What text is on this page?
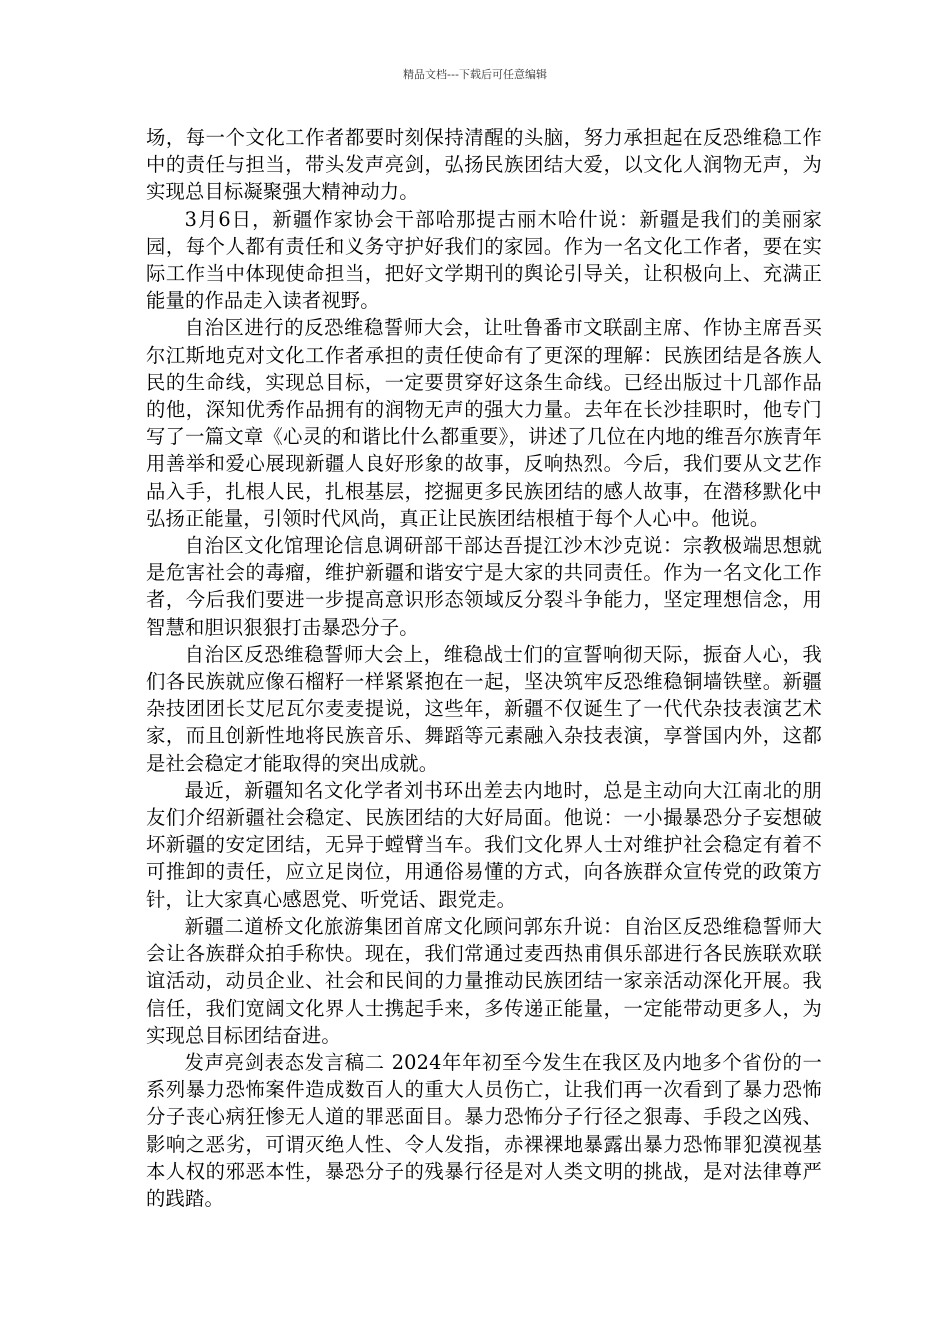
精品文档---下载后可任意编辑

场，每一个文化工作者都要时刻保持清醒的头脑，努力承担起在反恐维稳工作中的责任与担当，带头发声亮剑，弘扬民族团结大爱，以文化人润物无声，为实现总目标凝聚强大精神动力。

3月6日，新疆作家协会干部哈那提古丽木哈什说：新疆是我们的美丽家园，每个人都有责任和义务守护好我们的家园。作为一名文化工作者，要在实际工作当中体现使命担当，把好文学期刊的舆论引导关，让积极向上、充满正能量的作品走入读者视野。

自治区进行的反恐维稳誓师大会，让吐鲁番市文联副主席、作协主席吾买尔江斯地克对文化工作者承担的责任使命有了更深的理解：民族团结是各族人民的生命线，实现总目标，一定要贯穿好这条生命线。已经出版过十几部作品的他，深知优秀作品拥有的润物无声的强大力量。去年在长沙挂职时，他专门写了一篇文章《心灵的和谐比什么都重要》，讲述了几位在内地的维吾尔族青年用善举和爱心展现新疆人良好形象的故事，反响热烈。今后，我们要从文艺作品入手，扎根人民，扎根基层，挖掘更多民族团结的感人故事，在潜移默化中弘扬正能量，引领时代风尚，真正让民族团结根植于每个人心中。他说。

自治区文化馆理论信息调研部干部达吾提江沙木沙克说：宗教极端思想就是危害社会的毒瘤，维护新疆和谐安宁是大家的共同责任。作为一名文化工作者，今后我们要进一步提高意识形态领域反分裂斗争能力，坚定理想信念，用智慧和胆识狠狠打击暴恐分子。

自治区反恐维稳誓师大会上，维稳战士们的宣誓响彻天际，振奋人心，我们各民族就应像石榴籽一样紧紧抱在一起，坚决筑牢反恐维稳铜墙铁壁。新疆杂技团团长艾尼瓦尔麦麦提说，这些年，新疆不仅诞生了一代代杂技表演艺术家，而且创新性地将民族音乐、舞蹈等元素融入杂技表演，享誉国内外，这都是社会稳定才能取得的突出成就。

最近，新疆知名文化学者刘书环出差去内地时，总是主动向大江南北的朋友们介绍新疆社会稳定、民族团结的大好局面。他说：一小撮暴恐分子妄想破坏新疆的安定团结，无异于螳臂当车。我们文化界人士对维护社会稳定有着不可推卸的责任，应立足岗位，用通俗易懂的方式，向各族群众宣传党的政策方针，让大家真心感恩党、听党话、跟党走。

新疆二道桥文化旅游集团首席文化顾问郭东升说：自治区反恐维稳誓师大会让各族群众拍手称快。现在，我们常通过麦西热甫俱乐部进行各民族联欢联谊活动，动员企业、社会和民间的力量推动民族团结一家亲活动深化开展。我信任，我们宽阔文化界人士携起手来，多传递正能量，一定能带动更多人，为实现总目标团结奋进。

发声亮剑表态发言稿二 2024年年初至今发生在我区及内地多个省份的一系列暴力恐怖案件造成数百人的重大人员伤亡，让我们再一次看到了暴力恐怖分子丧心病狂惨无人道的罪恶面目。暴力恐怖分子行径之狠毒、手段之凶残、影响之恶劣，可谓灭绝人性、令人发指，赤裸裸地暴露出暴力恐怖罪犯漠视基本人权的邪恶本性，暴恐分子的残暴行径是对人类文明的挑战，是对法律尊严的践踏。
